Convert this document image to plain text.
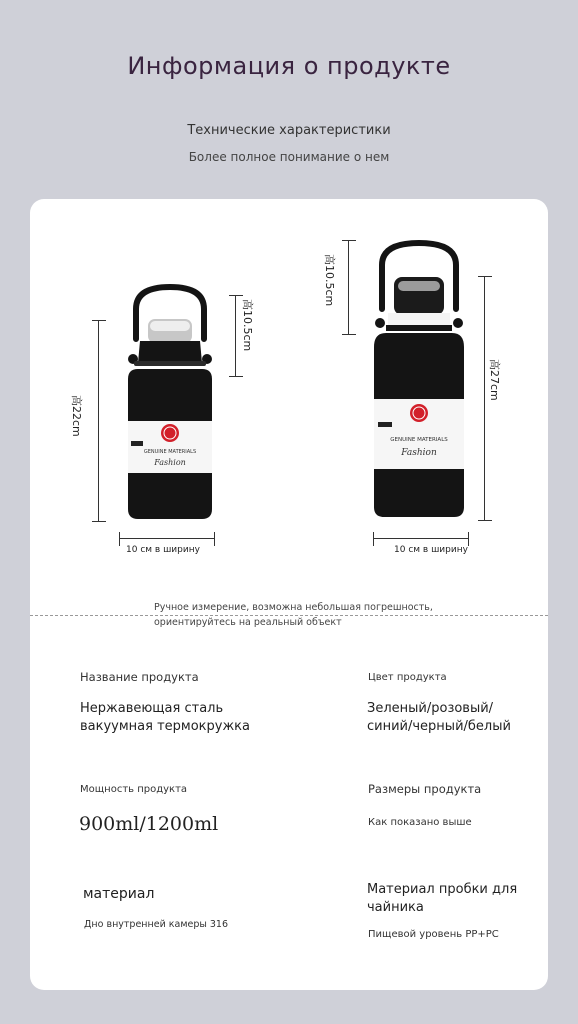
Информация о продукте
Технические характеристики
Более полное понимание о нем
GENUINE MATERIALS
Fashion
高10.5cm
高22cm
10 см в ширину
GENUINE MATERIALS
Fashion
高10.5cm
高27cm
10 см в ширину
Ручное измерение, возможна небольшая погрешность, ориентируйтесь на реальный объект
Название продукта
Нержавеющая сталь вакуумная термокружка
Цвет продукта
Зеленый/розовый/ синий/черный/белый
Мощность продукта
900ml/1200ml
Размеры продукта
Как показано выше
материал
Дно внутренней камеры 316
Материал пробки для чайника
Пищевой уровень PP+PC
